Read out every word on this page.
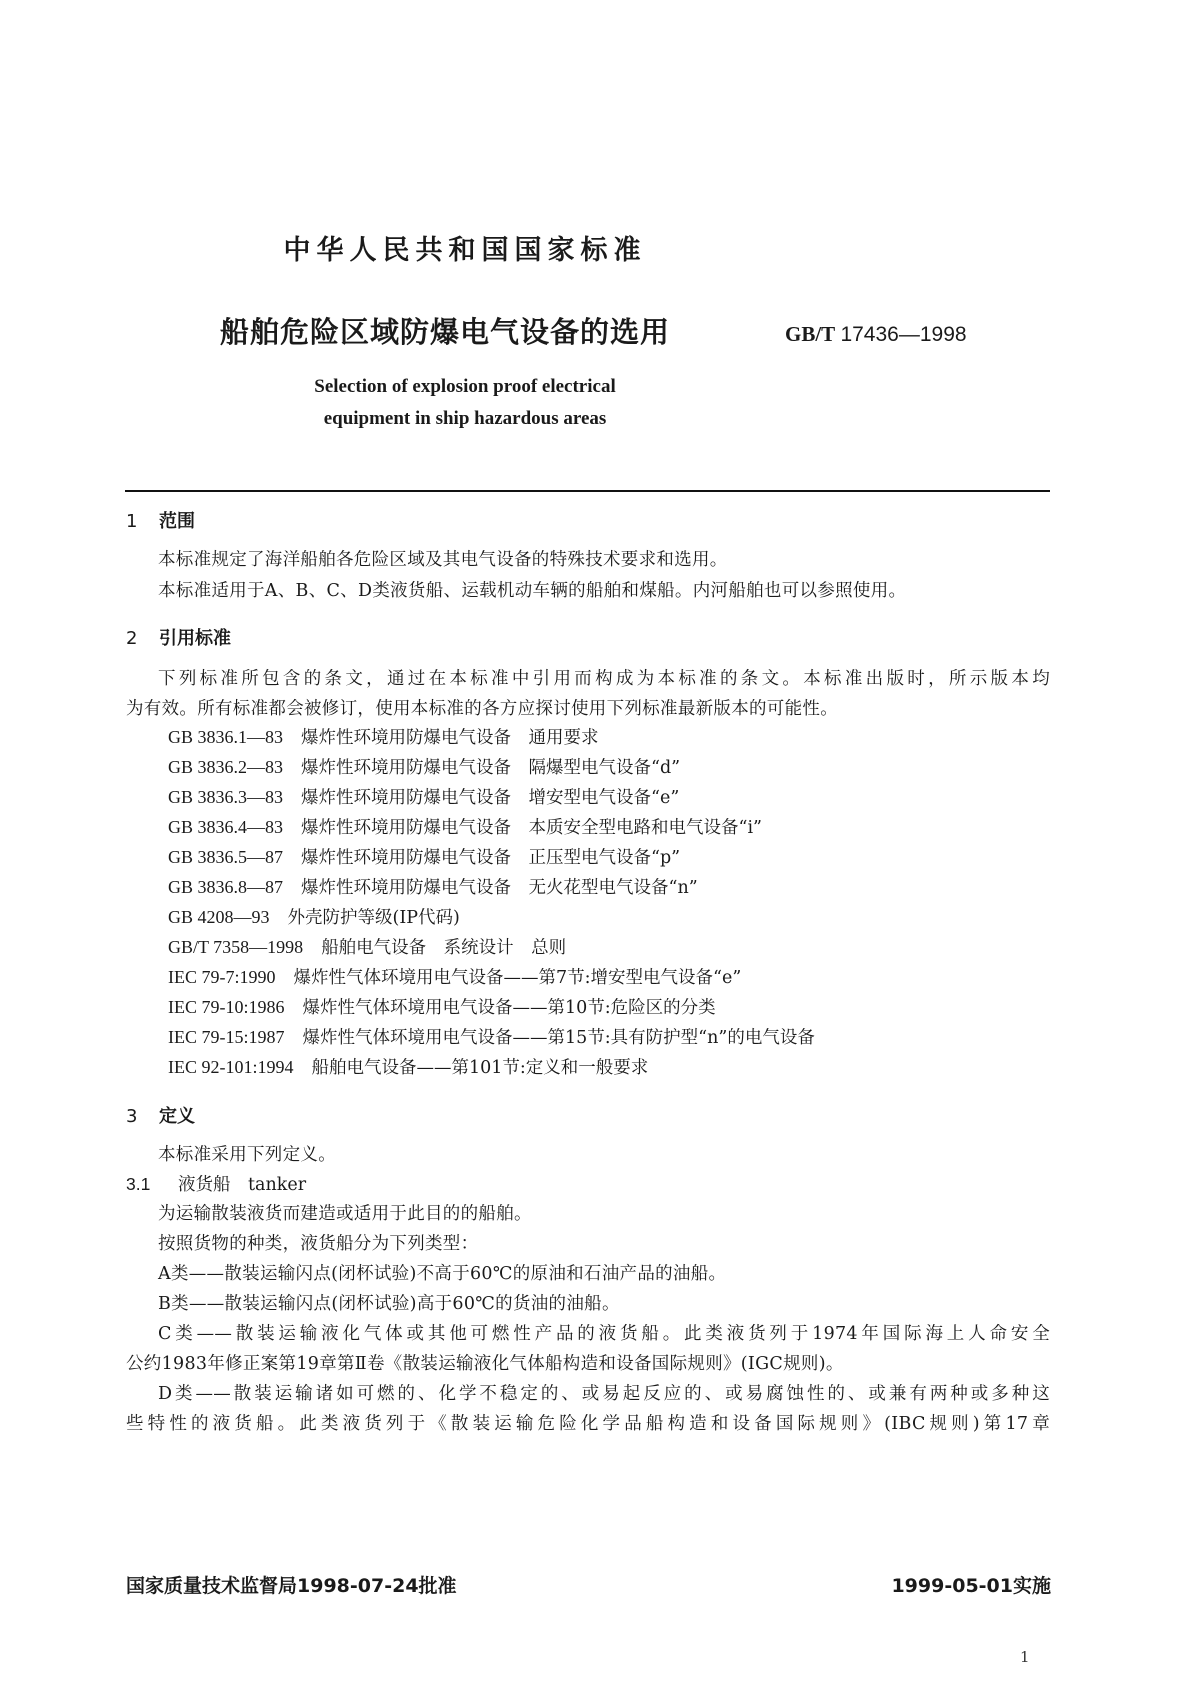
中华人民共和国国家标准
船舶危险区域防爆电气设备的选用	GB/T 17436—1998
Selection of explosion proof electrical
equipment in ship hazardous areas
1 范围
本标准规定了海洋船舶各危险区域及其电气设备的特殊技术要求和选用。
本标准适用于A、B、C、D类液货船、运载机动车辆的船舶和煤船。内河船舶也可以参照使用。
2 引用标准
下列标准所包含的条文，通过在本标准中引用而构成为本标准的条文。本标准出版时，所示版本均
为有效。所有标准都会被修订，使用本标准的各方应探讨使用下列标准最新版本的可能性。
GB 3836.1—83 爆炸性环境用防爆电气设备　通用要求
GB 3836.2—83 爆炸性环境用防爆电气设备　隔爆型电气设备“d”
GB 3836.3—83 爆炸性环境用防爆电气设备　增安型电气设备“e”
GB 3836.4—83 爆炸性环境用防爆电气设备　本质安全型电路和电气设备“i”
GB 3836.5—87 爆炸性环境用防爆电气设备　正压型电气设备“p”
GB 3836.8—87 爆炸性环境用防爆电气设备　无火花型电气设备“n”
GB 4208—93 外壳防护等级(IP代码)
GB/T 7358—1998 船舶电气设备　系统设计　总则
IEC 79-7:1990 爆炸性气体环境用电气设备——第7节:增安型电气设备“e”
IEC 79-10:1986 爆炸性气体环境用电气设备——第10节:危险区的分类
IEC 79-15:1987 爆炸性气体环境用电气设备——第15节:具有防护型“n”的电气设备
IEC 92-101:1994 船舶电气设备——第101节:定义和一般要求
3 定义
本标准采用下列定义。
3.1 液货船　tanker
为运输散装液货而建造或适用于此目的的船舶。
按照货物的种类，液货船分为下列类型：
A类——散装运输闪点(闭杯试验)不高于60℃的原油和石油产品的油船。
B类——散装运输闪点(闭杯试验)高于60℃的货油的油船。
C类——散装运输液化气体或其他可燃性产品的液货船。此类液货列于1974年国际海上人命安全
公约1983年修正案第19章第Ⅱ卷《散装运输液化气体船构造和设备国际规则》(IGC规则)。
D类——散装运输诸如可燃的、化学不稳定的、或易起反应的、或易腐蚀性的、或兼有两种或多种这
些特性的液货船。此类液货列于《散装运输危险化学品船构造和设备国际规则》(IBC规则)第17章
国家质量技术监督局1998-07-24批准	1999-05-01实施
1
